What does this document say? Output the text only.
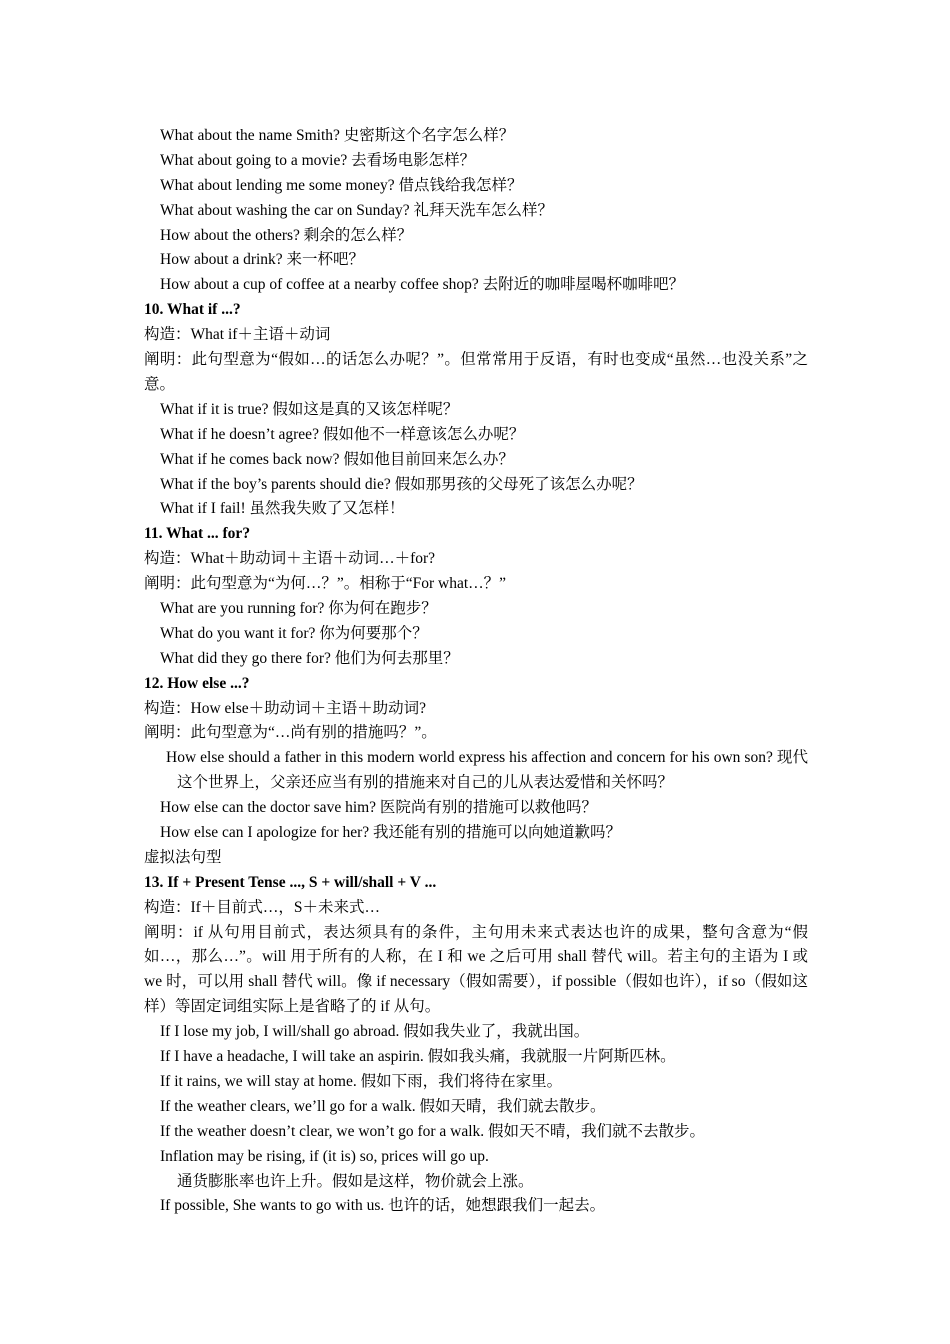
What about the name Smith? 史密斯这个名字怎么样？
What about going to a movie? 去看场电影怎样？
What about lending me some money? 借点钱给我怎样？
What about washing the car on Sunday? 礼拜天洗车怎么样？
How about the others? 剩余的怎么样？
How about a drink? 来一杯吧？
How about a cup of coffee at a nearby coffee shop? 去附近的咖啡屋喝杯咖啡吧？
10. What if ...?
构造：What if＋主语＋动词
阐明：此句型意为“假如…的话怎么办呢？”。但常常用于反语，有时也变成“虽然…也没关系”之意。
What if it is true? 假如这是真的又该怎样呢？
What if he doesn’t agree? 假如他不一样意该怎么办呢？
What if he comes back now? 假如他目前回来怎么办？
What if the boy’s parents should die? 假如那男孩的父母死了该怎么办呢？
What if I fail! 虽然我失败了又怎样！
11. What ... for?
构造：What＋助动词＋主语＋动词…＋for?
阐明：此句型意为“为何…？”。相称于“For what…？”
What are you running for? 你为何在跑步？
What do you want it for? 你为何要那个？
What did they go there for? 他们为何去那里？
12. How else ...?
构造：How else＋助动词＋主语＋助动词?
阐明：此句型意为“…尚有别的措施吗？”。
How else should a father in this modern world express his affection and concern for his own son? 现代这个世界上，父亲还应当有别的措施来对自己的儿从表达爱惜和关怀吗？
How else can the doctor save him? 医院尚有别的措施可以救他吗？
How else can I apologize for her? 我还能有别的措施可以向她道歉吗？
虚拟法句型
13. If + Present Tense ..., S + will/shall + V ...
构造：If＋目前式…，S＋未来式…
阐明：if 从句用目前式，表达须具有的条件，主句用未来式表达也许的成果，整句含意为“假如…，那么…”。will 用于所有的人称，在 I 和 we 之后可用 shall 替代 will。若主句的主语为 I 或 we 时，可以用 shall 替代 will。像 if necessary（假如需要），if possible（假如也许），if so（假如这样）等固定词组实际上是省略了的 if 从句。
If I lose my job, I will/shall go abroad. 假如我失业了，我就出国。
If I have a headache, I will take an aspirin. 假如我头痛，我就服一片阿斯匹林。
If it rains, we will stay at home. 假如下雨，我们将待在家里。
If the weather clears, we’ll go for a walk. 假如天晴，我们就去散步。
If the weather doesn’t clear, we won’t go for a walk. 假如天不晴，我们就不去散步。
Inflation may be rising, if (it is) so, prices will go up.
通货膨胀率也许上升。假如是这样，物价就会上涨。
If possible, She wants to go with us. 也许的话，她想跟我们一起去。
